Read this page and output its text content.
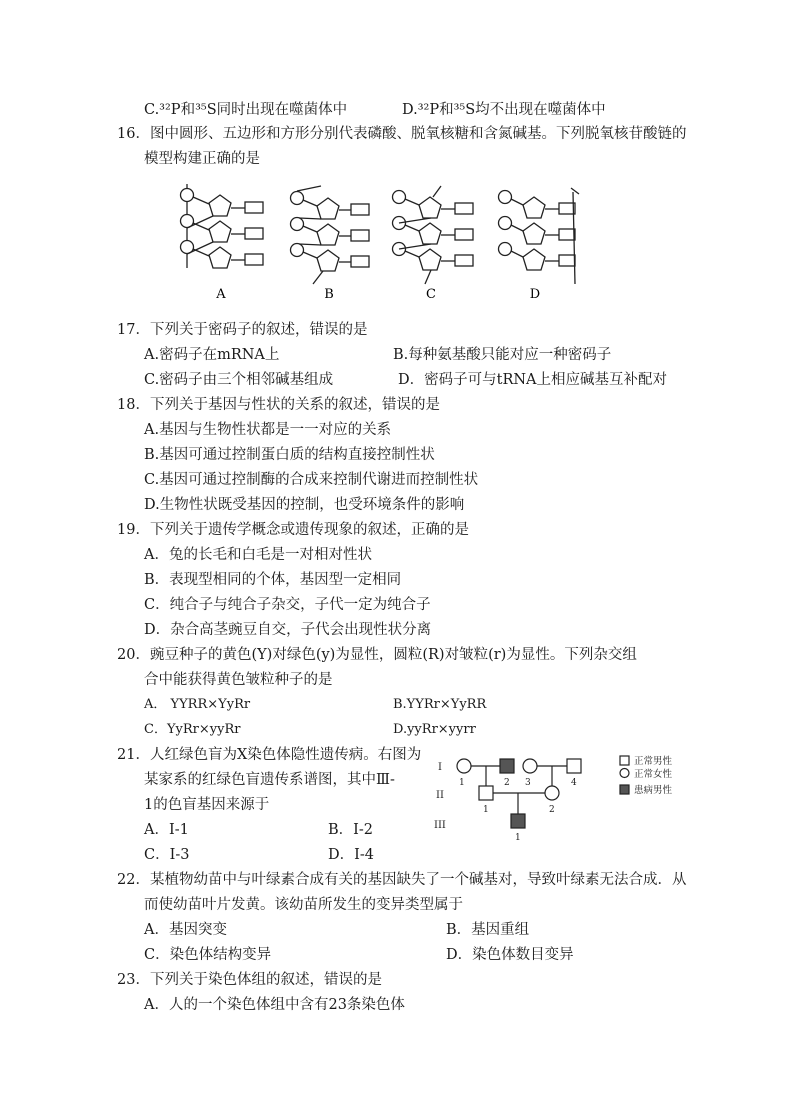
C.³²P和³⁵S同时出现在噬菌体中	D.³²P和³⁵S均不出现在噬菌体中
16．图中圆形、五边形和方形分别代表磷酸、脱氧核糖和含氮碱基。下列脱氧核苷酸链的
模型构建正确的是
A	B	C	D
17．下列关于密码子的叙述，错误的是
A.密码子在mRNA上	B.每种氨基酸只能对应一种密码子
C.密码子由三个相邻碱基组成	D．密码子可与tRNA上相应碱基互补配对
18．下列关于基因与性状的关系的叙述，错误的是
A.基因与生物性状都是一一对应的关系
B.基因可通过控制蛋白质的结构直接控制性状
C.基因可通过控制酶的合成来控制代谢进而控制性状
D.生物性状既受基因的控制，也受环境条件的影响
19．下列关于遗传学概念或遗传现象的叙述，正确的是
A．兔的长毛和白毛是一对相对性状
B．表现型相同的个体，基因型一定相同
C．纯合子与纯合子杂交，子代一定为纯合子
D．杂合高茎豌豆自交，子代会出现性状分离
20．豌豆种子的黄色(Y)对绿色(y)为显性，圆粒(R)对皱粒(r)为显性。下列杂交组
合中能获得黄色皱粒种子的是
A． YYRR×YyRr	B.YYRr×YyRR
C．YyRr×yyRr	D.yyRr×yyrr
21．人红绿色盲为X染色体隐性遗传病。右图为
某家系的红绿色盲遗传系谱图，其中Ⅲ-
1的色盲基因来源于
A．I-1	B．I-2
C．I-3	D．I-4
I
II
III
1	2 3	4
1	2
1
正常男性
正常女性
患病男性
22．某植物幼苗中与叶绿素合成有关的基因缺失了一个碱基对，导致叶绿素无法合成．从
而使幼苗叶片发黄。该幼苗所发生的变异类型属于
A．基因突变	B．基因重组
C．染色体结构变异	D．染色体数目变异
23．下列关于染色体组的叙述，错误的是
A．人的一个染色体组中含有23条染色体
